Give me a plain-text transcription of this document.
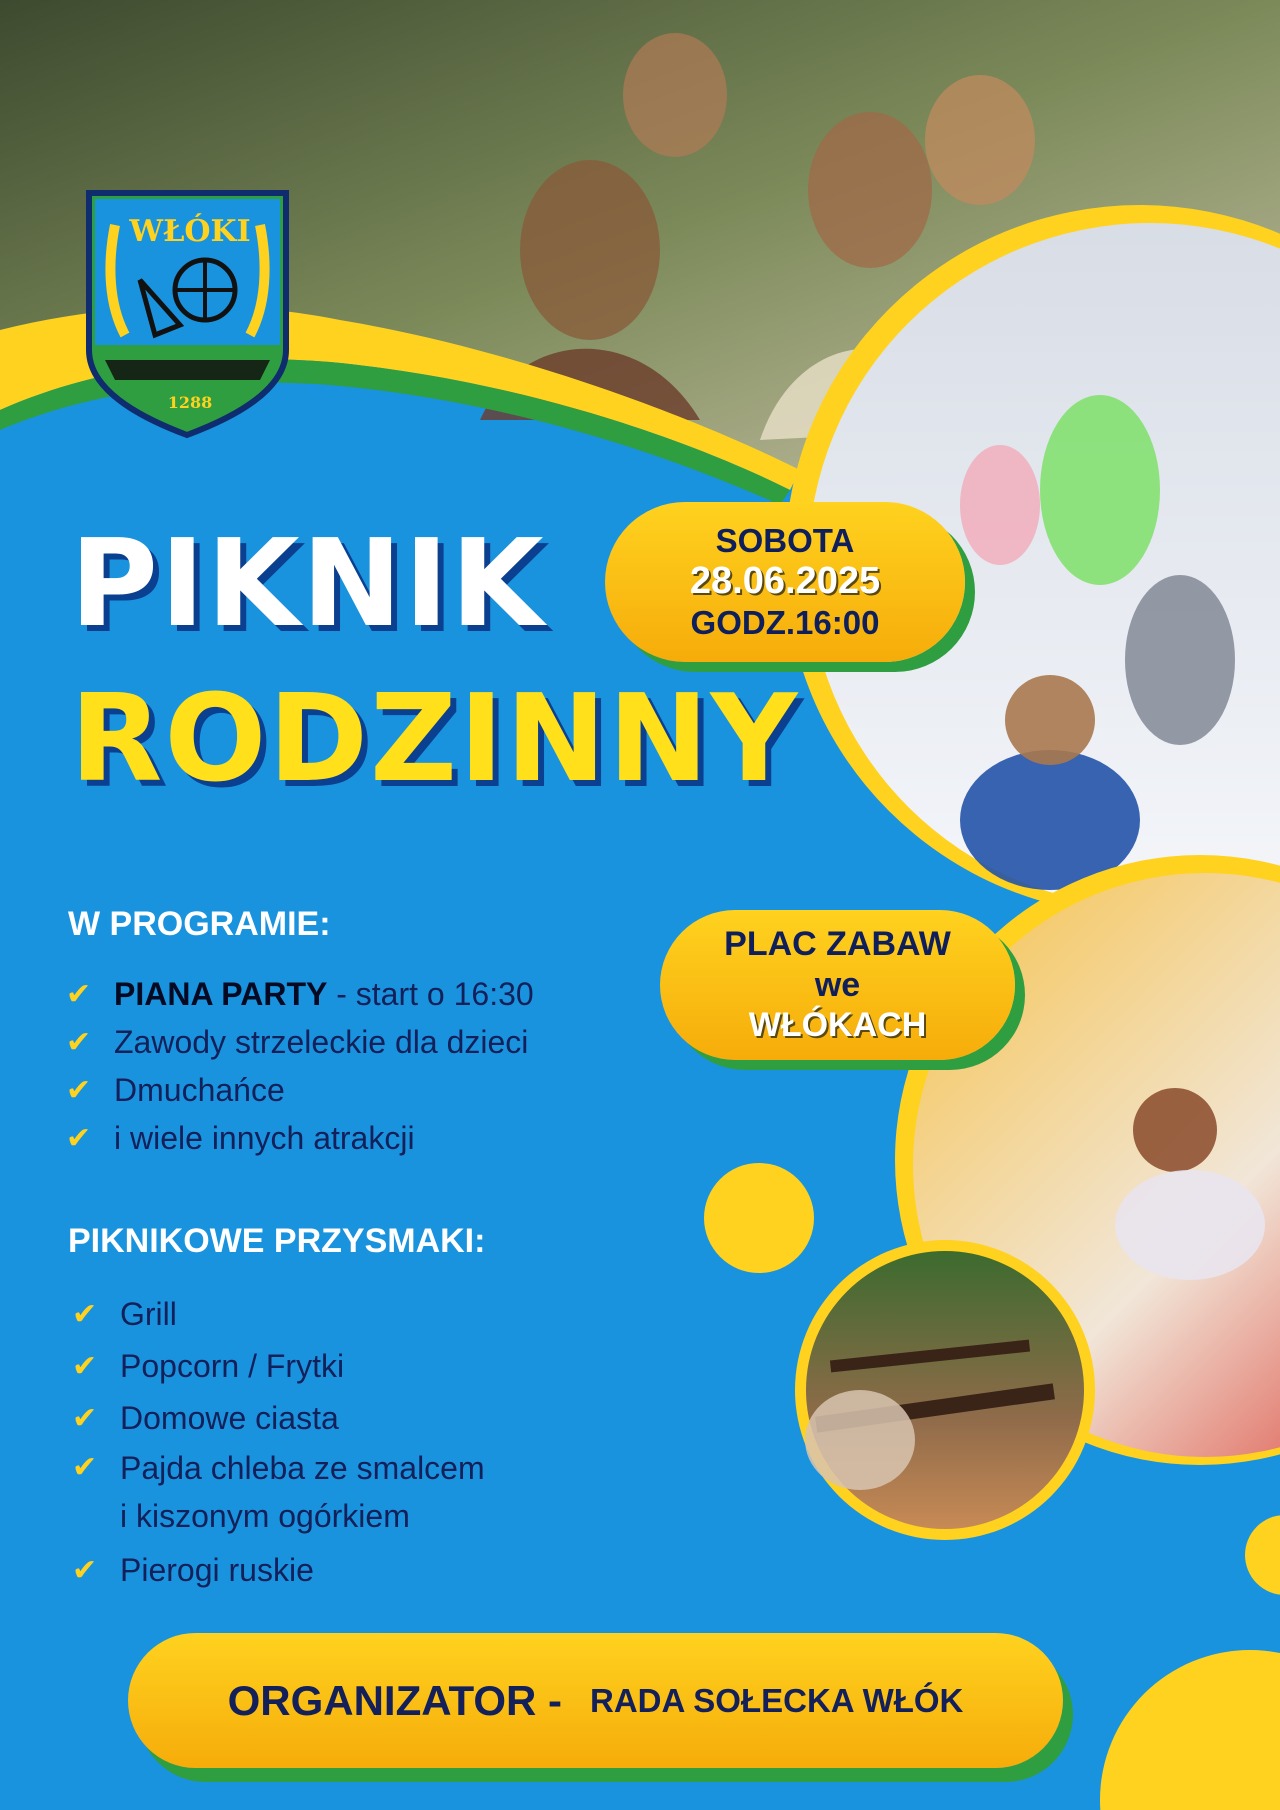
WŁÓKI
1288
PIKNIK
RODZINNY
SOBOTA
28.06.2025
GODZ.16:00
PLAC ZABAW
we
WŁÓKACH
W PROGRAMIE:
✔ PIANA PARTY - start o 16:30
✔ Zawody strzeleckie dla dzieci
✔ Dmuchańce
✔ i wiele innych atrakcji
PIKNIKOWE PRZYSMAKI:
✔ Grill
✔ Popcorn / Frytki
✔ Domowe ciasta
✔ Pajda chleba ze smalcem
i kiszonym ogórkiem
✔ Pierogi ruskie
ORGANIZATOR - RADA SOŁECKA WŁÓK
